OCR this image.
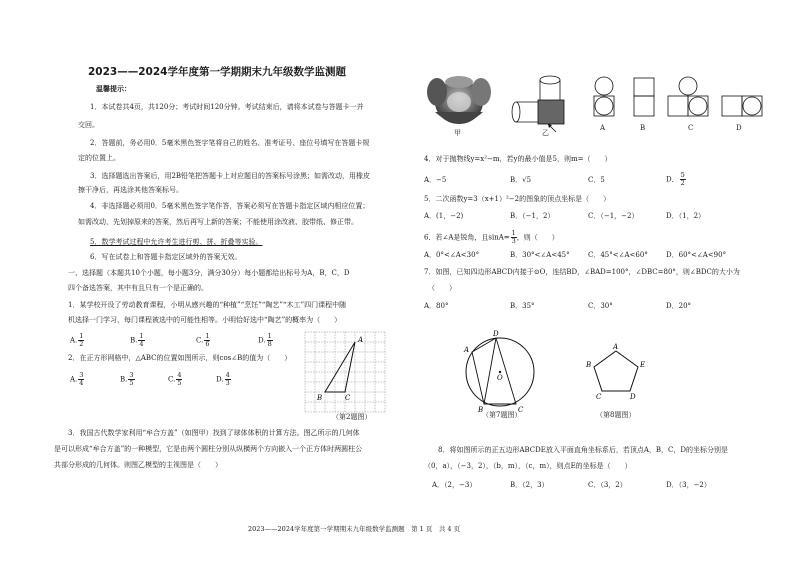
2023——2024学年度第一学期期末九年级数学监测题
温馨提示：
1．本试卷共4页，共120分；考试时间120分钟。考试结束后，请将本试卷与答题卡一并
交回。
2．答题前，务必用0．5毫米黑色签字笔将自己的姓名、准考证号、座位号填写在答题卡规
定的位置上。
3．选择题选出答案后，用2B铅笔把答题卡上对应题目的答案标号涂黑；如需改动，用橡皮
擦干净后，再选涂其他答案标号。
4．非选择题必须用0．5毫米黑色签字笔作答，答案必须写在答题卡指定区域内相应位置；
如需改动，先划掉原来的答案，然后再写上新的答案；不能使用涂改液、胶带纸、修正带。
5．数学考试过程中允许考生进行剪、拼、折叠等实验。
6．写在试卷上和答题卡指定区域外的答案无效。
一、选择题（本题共10个小题，每小题3分，满分30分）每小题都给出标号为A，B，C，D
四个备选答案，其中有且只有一个是正确的。
1．某学校开设了劳动教育课程，小明从感兴趣的“种植”“烹饪”“陶艺”“木工”四门课程中随
机选择一门学习，每门课程被选中的可能性相等。小明恰好选中“陶艺”的概率为（　　）
A. $\frac{1}{2}$	B. $\frac{1}{4}$	C. $\frac{1}{6}$	D. $\frac{1}{8}$
2．在正方形网格中，△ABC的位置如图所示，则cos∠B的值为（　　）
A. $\frac{3}{4}$	B. $\frac{3}{5}$	C. $\frac{4}{5}$	D. $\frac{4}{3}$
A
B	C
（第2题图）
3．我国古代数学家利用“牟合方盖”（如图甲）找到了球体体积的计算方法。图乙所示的几何体
是可以形成“牟合方盖”的一种模型，它是由两个圆柱分别从纵横两个方向嵌入一个正方体时两圆柱公
共部分形成的几何体。则图乙模型的主视图是（　　）
2023——2024学年度第一学期期末九年级数学监测题　第 1 页　共 4 页
甲	乙
A	B	C	D
4．对于抛物线y=x²−m，若y的最小值是5，则m=（　　）
A．−5	B．√5	C．5	D． $\frac{5}{2}$
5．二次函数y=3（x+1）²−2的图象的顶点坐标是（　　）
A．(1，−2)	B．（−1，2）	C．（−1，−2）	D．（1，2）
6．若∠A是锐角，且$\sin A= \frac{1}{3}$ ，则（　　）
A．0°<∠A<30°	B．30°<∠A<45°	C．45°<∠A<60°	D．60°<∠A<90°
7．如图，已知四边形ABCD内接于⊙O，连结BD，∠BAD=100°，∠DBC=80°，则∠BDC的大小为
（　　）
A．80°	B．35°	C．30°	D．20°
D
A
O
B	C
（第7题图）
A
B
C	D
E
（第8题图）
8．将如图所示的正五边形ABCDE放入平面直角坐标系后，若顶点A，B，C，D的坐标分别是
（0，a），（−3，2），（b，m），（c，m），则点E的坐标是（　　）
A．（2，−3）	B．（2，3）	C．（3，2）	D．（3，−2）
